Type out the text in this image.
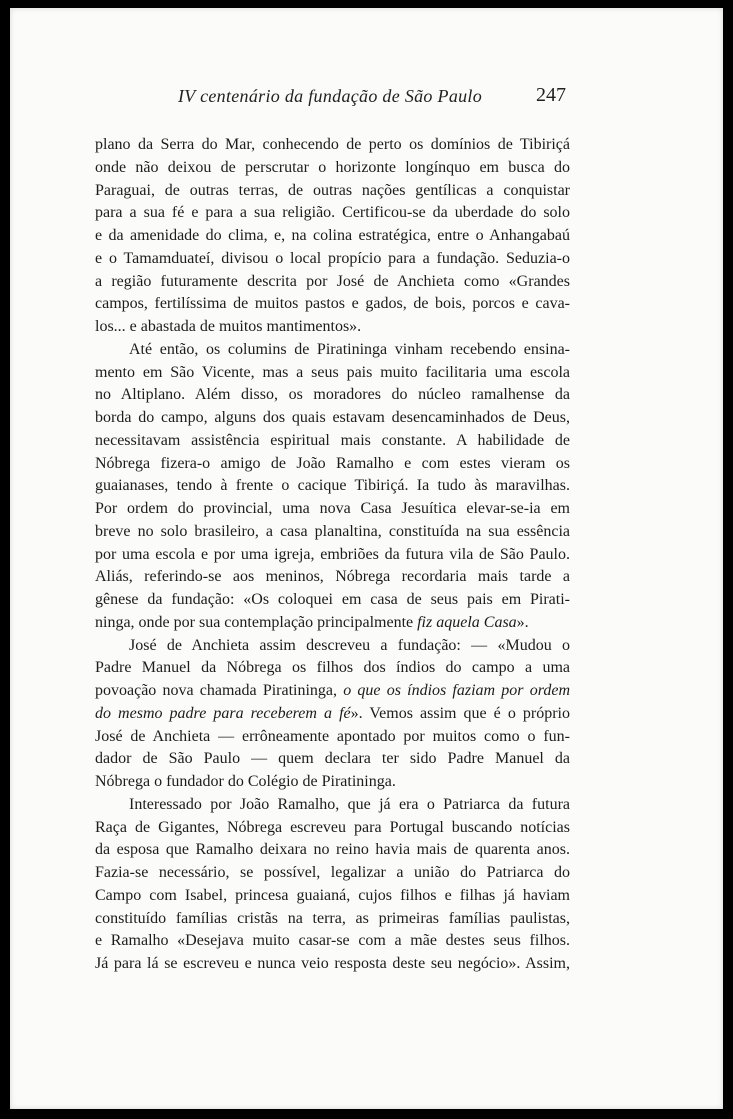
IV centenário da fundação de São Paulo	247
plano da Serra do Mar, conhecendo de perto os domínios de Tibiriçá
onde não deixou de perscrutar o horizonte longínquo em busca do
Paraguai, de outras terras, de outras nações gentílicas a conquistar
para a sua fé e para a sua religião. Certificou-se da uberdade do solo
e da amenidade do clima, e, na colina estratégica, entre o Anhangabaú
e o Tamamduateí, divisou o local propício para a fundação. Seduzia-o
a região futuramente descrita por José de Anchieta como «Grandes
campos, fertilíssima de muitos pastos e gados, de bois, porcos e cava-
los... e abastada de muitos mantimentos».
Até então, os columins de Piratininga vinham recebendo ensina-
mento em São Vicente, mas a seus pais muito facilitaria uma escola
no Altiplano. Além disso, os moradores do núcleo ramalhense da
borda do campo, alguns dos quais estavam desencaminhados de Deus,
necessitavam assistência espiritual mais constante. A habilidade de
Nóbrega fizera-o amigo de João Ramalho e com estes vieram os
guaianases, tendo à frente o cacique Tibiriçá. Ia tudo às maravilhas.
Por ordem do provincial, uma nova Casa Jesuítica elevar-se-ia em
breve no solo brasileiro, a casa planaltina, constituída na sua essência
por uma escola e por uma igreja, embriões da futura vila de São Paulo.
Aliás, referindo-se aos meninos, Nóbrega recordaria mais tarde a
gênese da fundação: «Os coloquei em casa de seus pais em Pirati-
ninga, onde por sua contemplação principalmente fiz aquela Casa».
José de Anchieta assim descreveu a fundação: — «Mudou o
Padre Manuel da Nóbrega os filhos dos índios do campo a uma
povoação nova chamada Piratininga, o que os índios faziam por ordem
do mesmo padre para receberem a fé». Vemos assim que é o próprio
José de Anchieta — errôneamente apontado por muitos como o fun-
dador de São Paulo — quem declara ter sido Padre Manuel da
Nóbrega o fundador do Colégio de Piratininga.
Interessado por João Ramalho, que já era o Patriarca da futura
Raça de Gigantes, Nóbrega escreveu para Portugal buscando notícias
da esposa que Ramalho deixara no reino havia mais de quarenta anos.
Fazia-se necessário, se possível, legalizar a união do Patriarca do
Campo com Isabel, princesa guaianá, cujos filhos e filhas já haviam
constituído famílias cristãs na terra, as primeiras famílias paulistas,
e Ramalho «Desejava muito casar-se com a mãe destes seus filhos.
Já para lá se escreveu e nunca veio resposta deste seu negócio». Assim,
